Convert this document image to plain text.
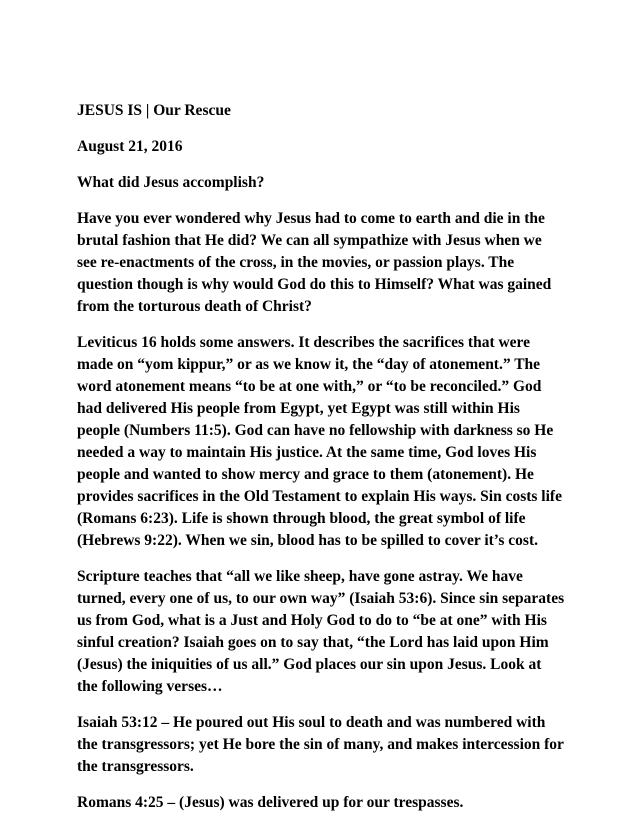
JESUS IS | Our Rescue

August 21, 2016

What did Jesus accomplish?

Have you ever wondered why Jesus had to come to earth and die in the brutal fashion that He did? We can all sympathize with Jesus when we see re-enactments of the cross, in the movies, or passion plays. The question though is why would God do this to Himself? What was gained from the torturous death of Christ?

Leviticus 16 holds some answers. It describes the sacrifices that were made on “yom kippur,” or as we know it, the “day of atonement.” The word atonement means “to be at one with,” or “to be reconciled.” God had delivered His people from Egypt, yet Egypt was still within His people (Numbers 11:5). God can have no fellowship with darkness so He needed a way to maintain His justice. At the same time, God loves His people and wanted to show mercy and grace to them (atonement). He provides sacrifices in the Old Testament to explain His ways. Sin costs life (Romans 6:23). Life is shown through blood, the great symbol of life (Hebrews 9:22). When we sin, blood has to be spilled to cover it’s cost.

Scripture teaches that “all we like sheep, have gone astray. We have turned, every one of us, to our own way” (Isaiah 53:6). Since sin separates us from God, what is a Just and Holy God to do to “be at one” with His sinful creation? Isaiah goes on to say that, “the Lord has laid upon Him (Jesus) the iniquities of us all.” God places our sin upon Jesus. Look at the following verses…

Isaiah 53:12 – He poured out His soul to death and was numbered with the transgressors; yet He bore the sin of many, and makes intercession for the transgressors.

Romans 4:25 – (Jesus) was delivered up for our trespasses.
